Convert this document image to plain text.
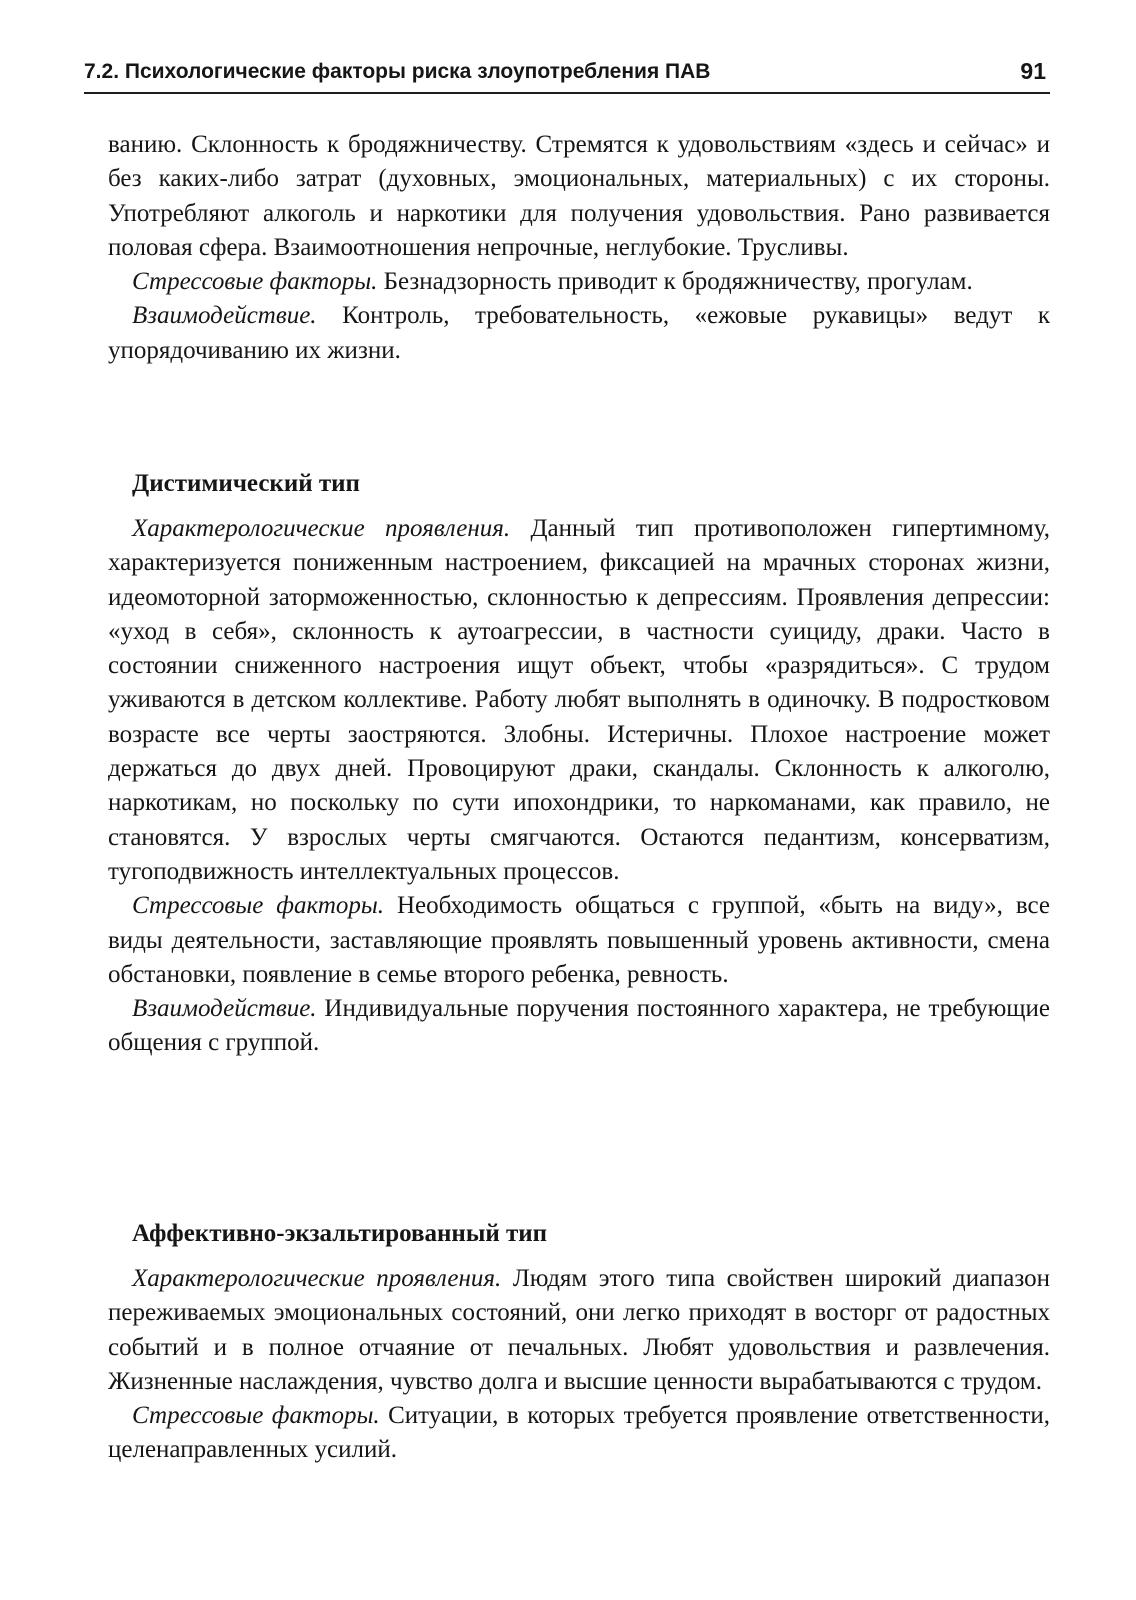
7.2. Психологические факторы риска злоупотребления ПАВ	91

ванию. Склонность к бродяжничеству. Стремятся к удовольствиям «здесь и сейчас» и без каких-либо затрат (духовных, эмоциональных, материальных) с их стороны. Употребляют алкоголь и наркотики для получения удовольствия. Рано развивается половая сфера. Взаимоотношения непрочные, неглубокие. Трусливы.

Стрессовые факторы. Безнадзорность приводит к бродяжничеству, прогулам.

Взаимодействие. Контроль, требовательность, «ежовые рукавицы» ведут к упорядочиванию их жизни.

Дистимический тип

Характерологические проявления. Данный тип противоположен гипертимному, характеризуется пониженным настроением, фиксацией на мрачных сторонах жизни, идеомоторной заторможенностью, склонностью к депрессиям. Проявления депрессии: «уход в себя», склонность к аутоагрессии, в частности суициду, драки. Часто в состоянии сниженного настроения ищут объект, чтобы «разрядиться». С трудом уживаются в детском коллективе. Работу любят выполнять в одиночку. В подростковом возрасте все черты заостряются. Злобны. Истеричны. Плохое настроение может держаться до двух дней. Провоцируют драки, скандалы. Склонность к алкоголю, наркотикам, но поскольку по сути ипохондрики, то наркоманами, как правило, не становятся. У взрослых черты смягчаются. Остаются педантизм, консерватизм, тугоподвижность интеллектуальных процессов.

Стрессовые факторы. Необходимость общаться с группой, «быть на виду», все виды деятельности, заставляющие проявлять повышенный уровень активности, смена обстановки, появление в семье второго ребенка, ревность.

Взаимодействие. Индивидуальные поручения постоянного характера, не требующие общения с группой.

Аффективно-экзальтированный тип

Характерологические проявления. Людям этого типа свойствен широкий диапазон переживаемых эмоциональных состояний, они легко приходят в восторг от радостных событий и в полное отчаяние от печальных. Любят удовольствия и развлечения. Жизненные наслаждения, чувство долга и высшие ценности вырабатываются с трудом.

Стрессовые факторы. Ситуации, в которых требуется проявление ответственности, целенаправленных усилий.
